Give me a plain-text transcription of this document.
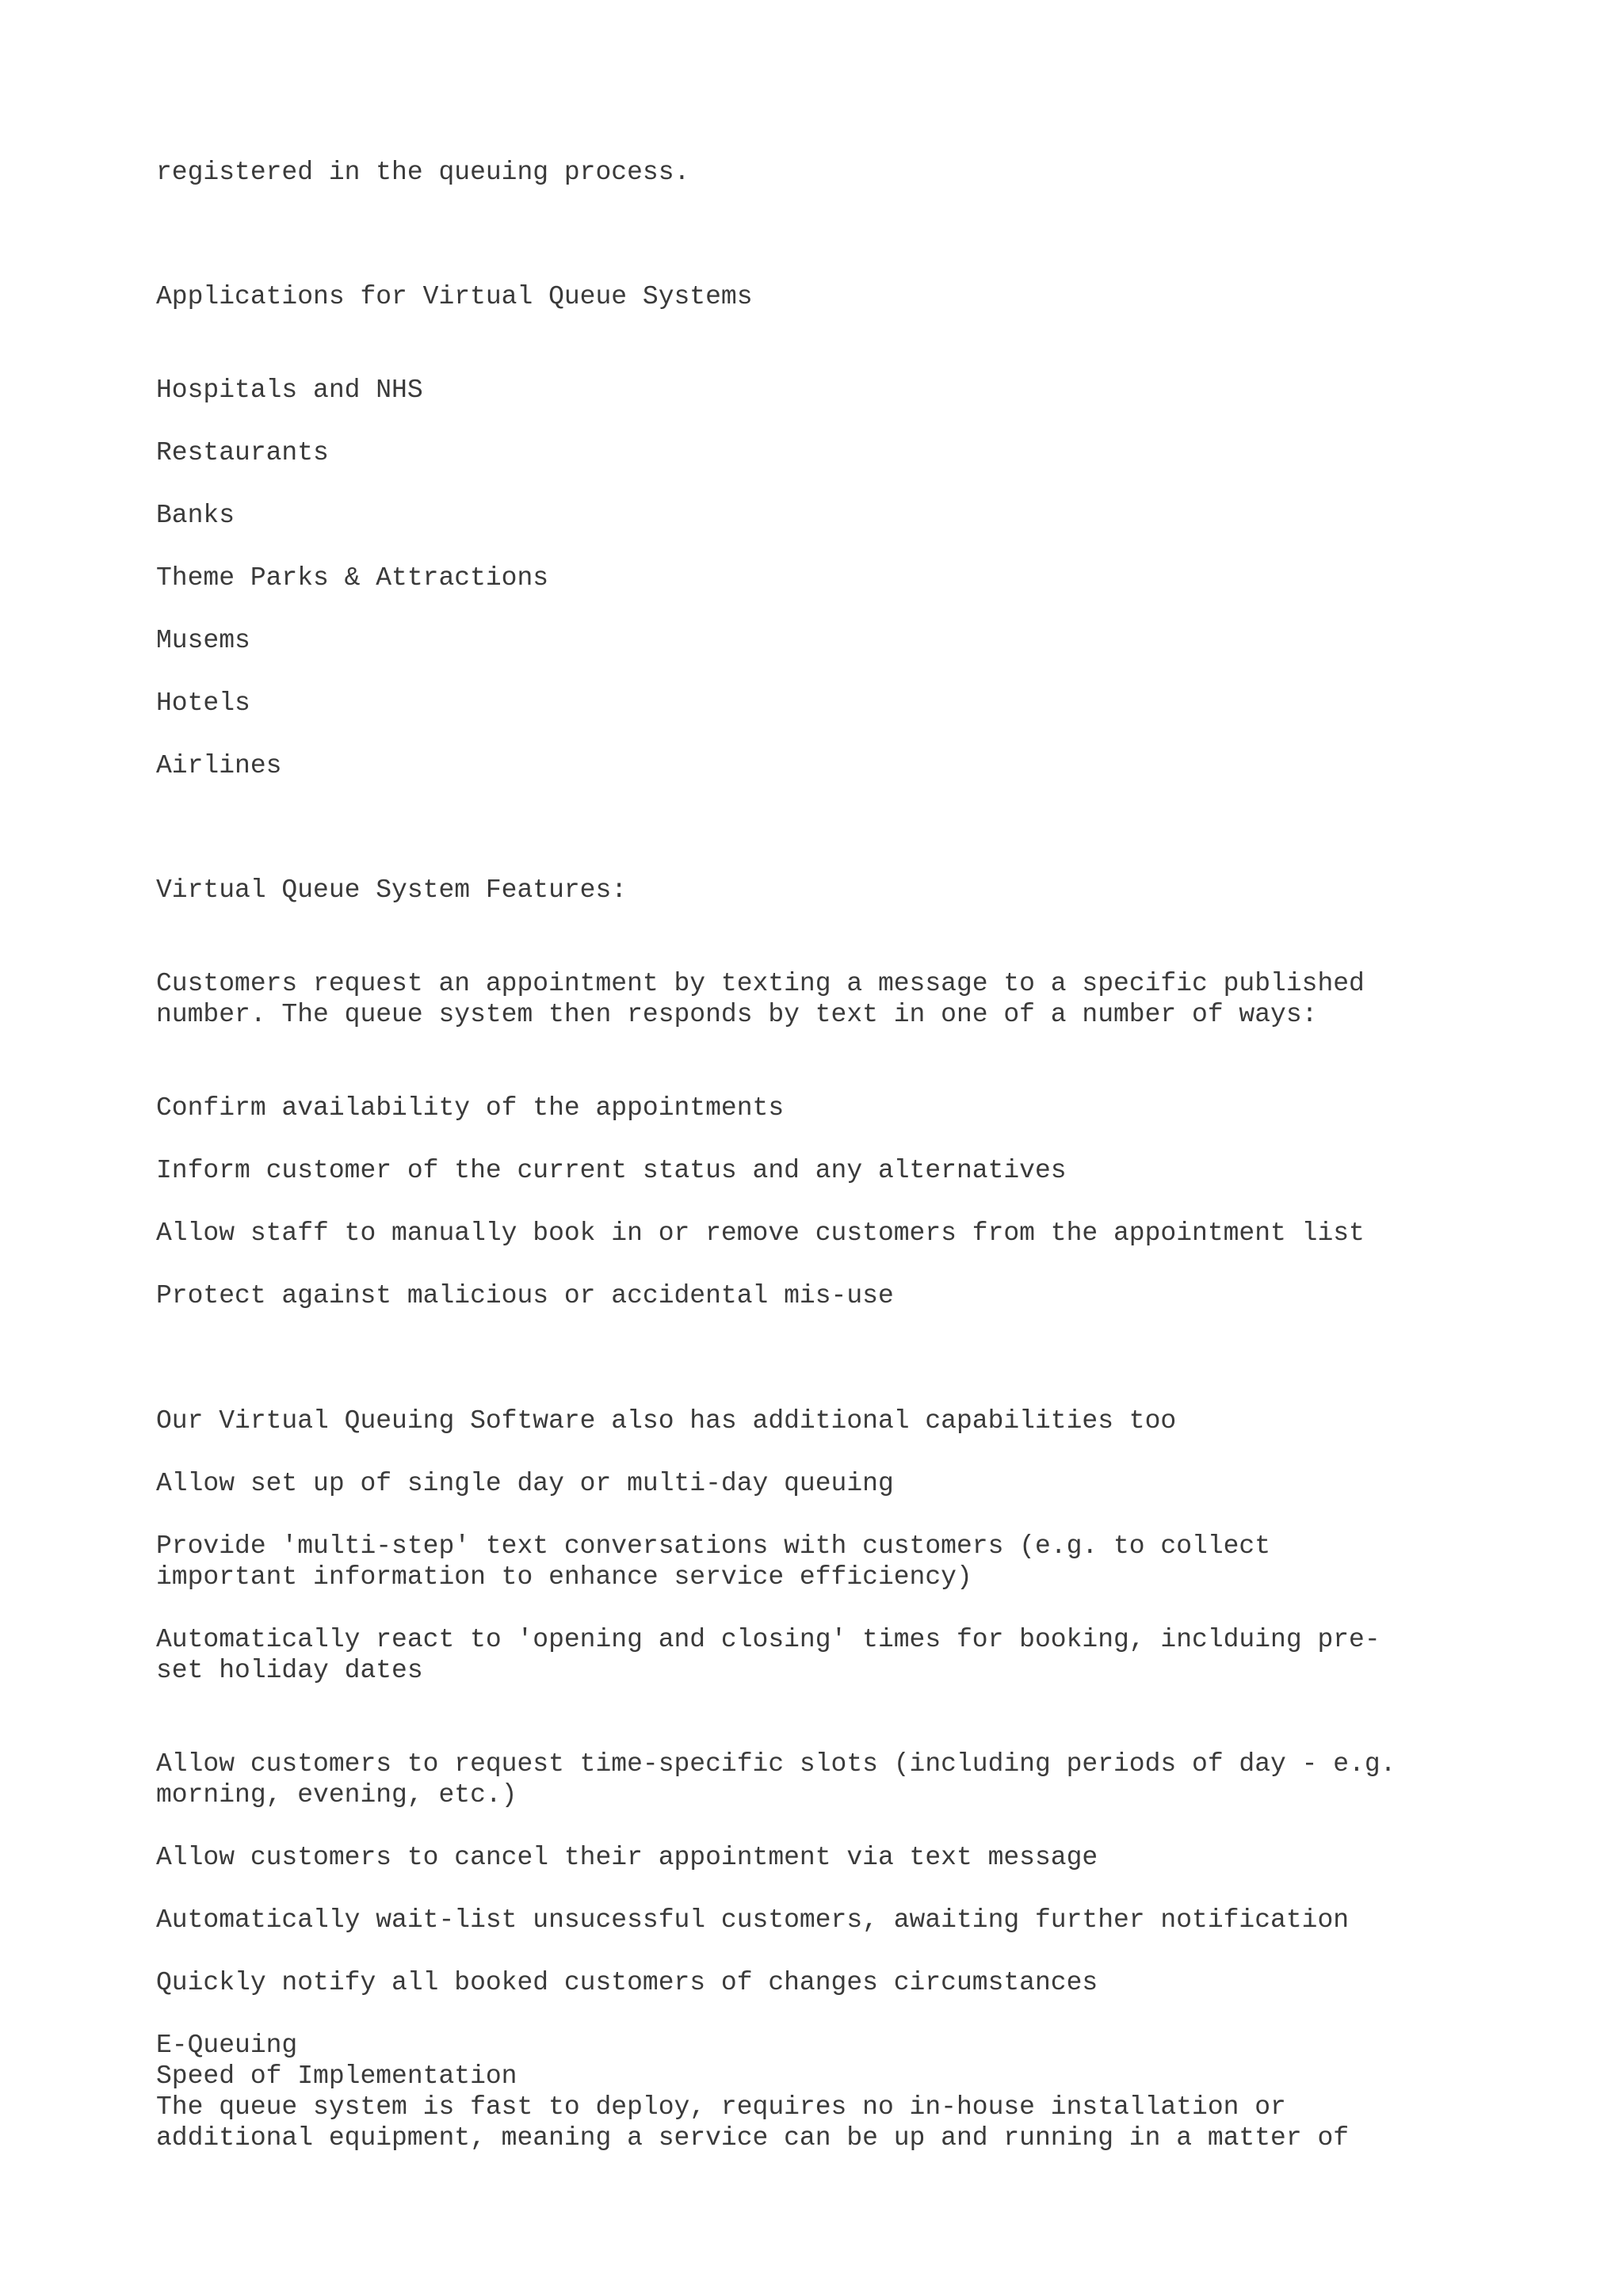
registered in the queuing process.

Applications for Virtual Queue Systems

Hospitals and NHS

Restaurants

Banks

Theme Parks & Attractions

Musems

Hotels

Airlines

Virtual Queue System Features:

Customers request an appointment by texting a message to a specific published

number. The queue system then responds by text in one of a number of ways:

Confirm availability of the appointments

Inform customer of the current status and any alternatives

Allow staff to manually book in or remove customers from the appointment list

Protect against malicious or accidental mis-use

Our Virtual Queuing Software also has additional capabilities too

Allow set up of single day or multi-day queuing

Provide 'multi-step' text conversations with customers (e.g. to collect

important information to enhance service efficiency)

Automatically react to 'opening and closing' times for booking, inclduing pre-

set holiday dates

Allow customers to request time-specific slots (including periods of day - e.g.

morning, evening, etc.)

Allow customers to cancel their appointment via text message

Automatically wait-list unsucessful customers, awaiting further notification

Quickly notify all booked customers of changes circumstances

E-Queuing

Speed of Implementation

The queue system is fast to deploy, requires no in-house installation or

additional equipment, meaning a service can be up and running in a matter of
